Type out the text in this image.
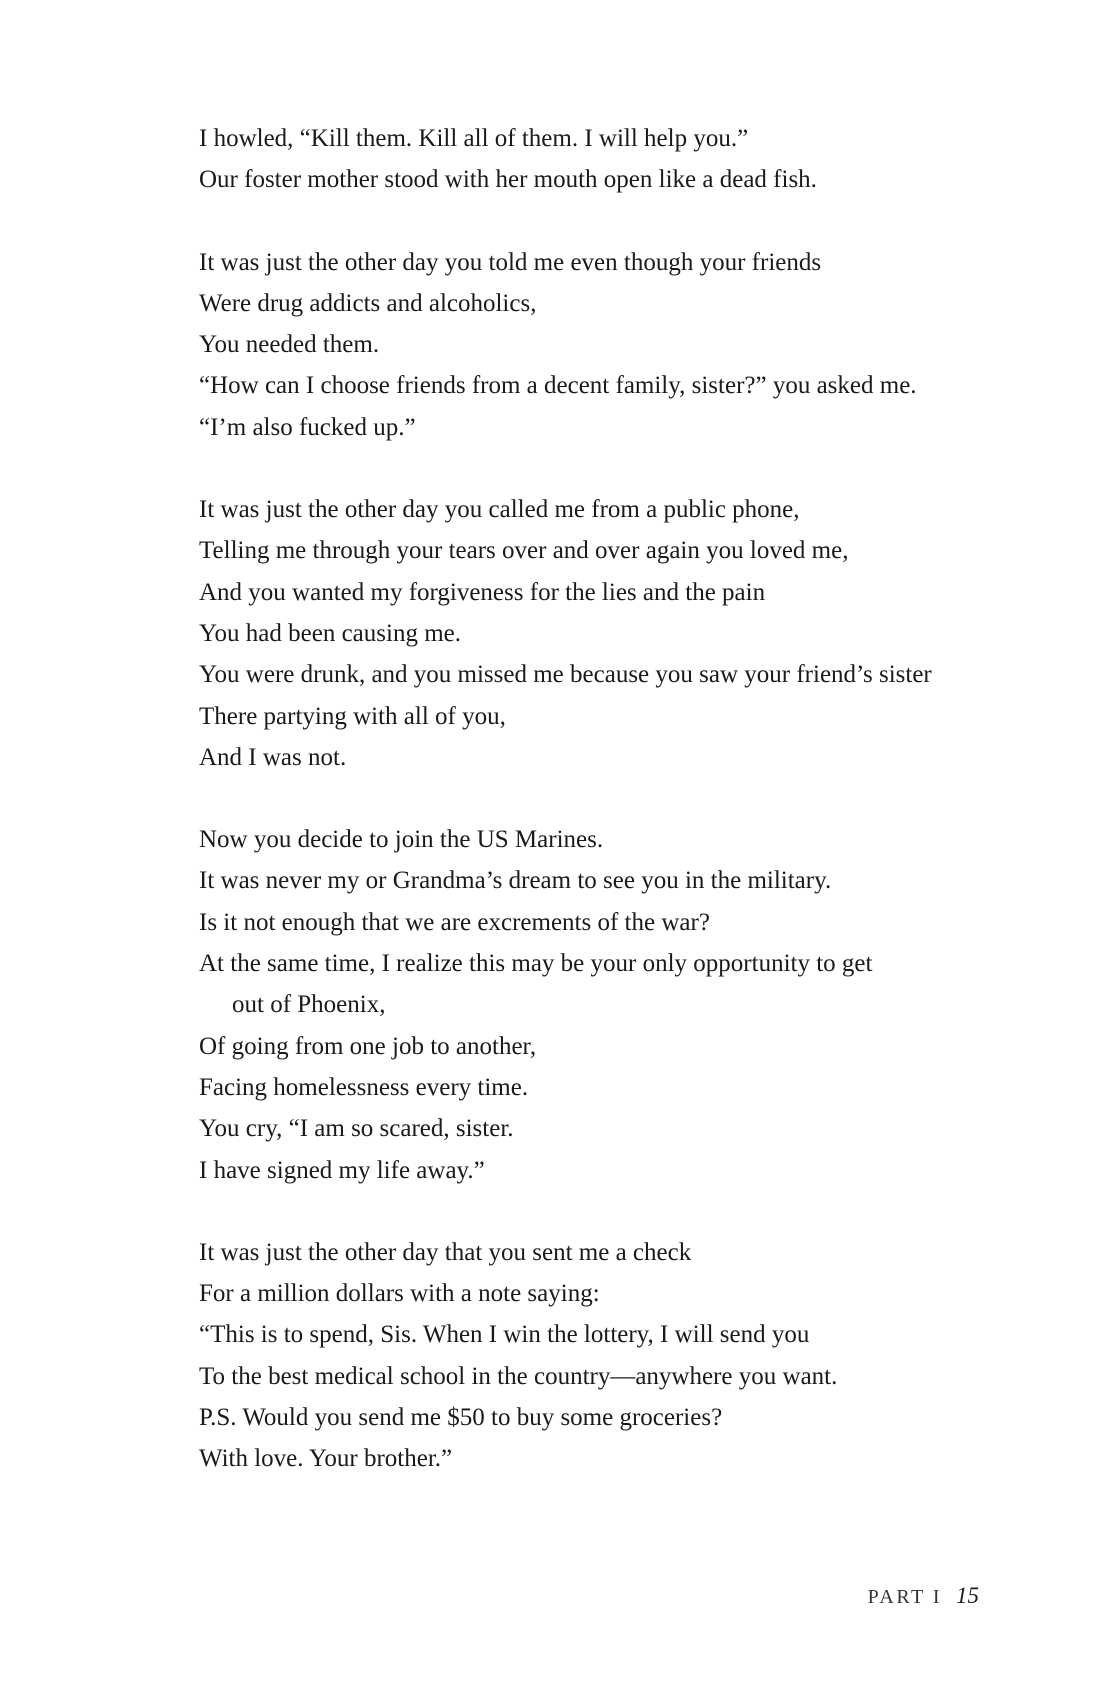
I howled, “Kill them. Kill all of them. I will help you.”
Our foster mother stood with her mouth open like a dead fish.
It was just the other day you told me even though your friends
Were drug addicts and alcoholics,
You needed them.
“How can I choose friends from a decent family, sister?” you asked me.
“I’m also fucked up.”
It was just the other day you called me from a public phone,
Telling me through your tears over and over again you loved me,
And you wanted my forgiveness for the lies and the pain
You had been causing me.
You were drunk, and you missed me because you saw your friend’s sister
There partying with all of you,
And I was not.
Now you decide to join the US Marines.
It was never my or Grandma’s dream to see you in the military.
Is it not enough that we are excrements of the war?
At the same time, I realize this may be your only opportunity to get
out of Phoenix,
Of going from one job to another,
Facing homelessness every time.
You cry, “I am so scared, sister.
I have signed my life away.”
It was just the other day that you sent me a check
For a million dollars with a note saying:
“This is to spend, Sis. When I win the lottery, I will send you
To the best medical school in the country—anywhere you want.
P.S. Would you send me $50 to buy some groceries?
With love. Your brother.”
PART I 15
